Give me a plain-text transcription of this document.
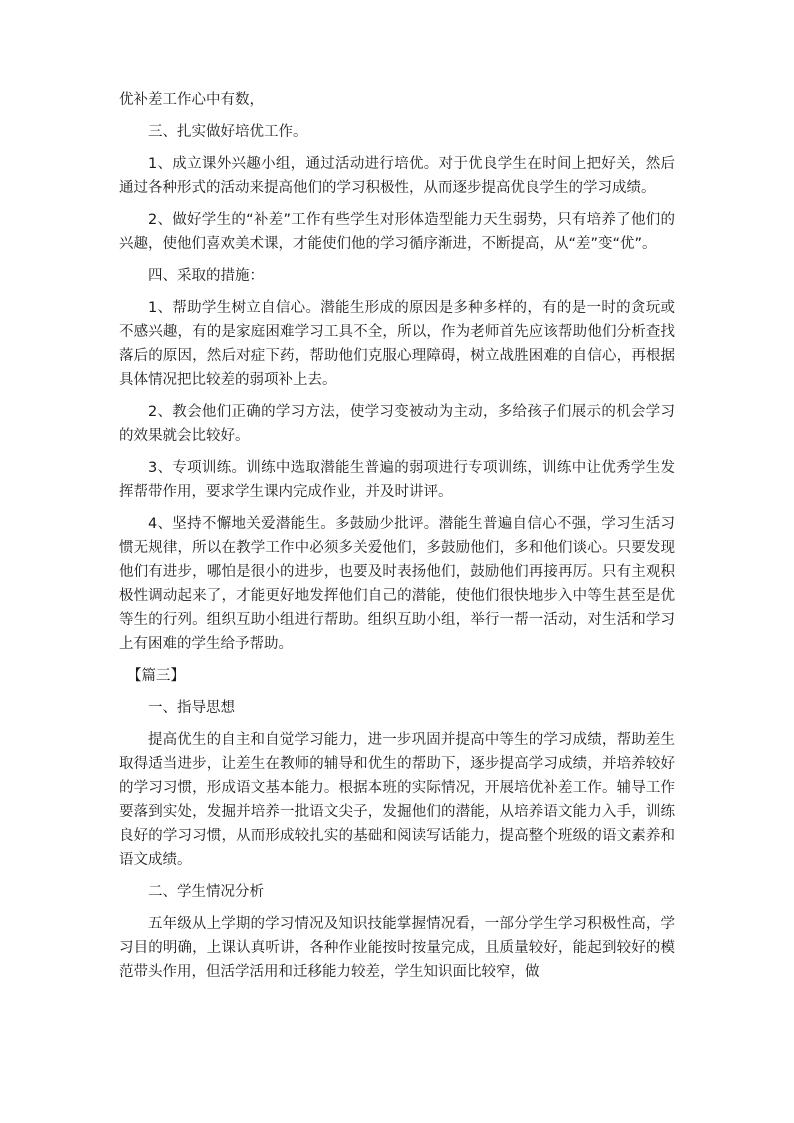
优补差工作心中有数，

三、扎实做好培优工作。

1、成立课外兴趣小组，通过活动进行培优。对于优良学生在时间上把好关，然后通过各种形式的活动来提高他们的学习积极性，从而逐步提高优良学生的学习成绩。

2、做好学生的“补差”工作有些学生对形体造型能力天生弱势，只有培养了他们的兴趣，使他们喜欢美术课，才能使们他的学习循序渐进，不断提高，从“差”变“优”。

四、采取的措施：

1、帮助学生树立自信心。潜能生形成的原因是多种多样的，有的是一时的贪玩或不感兴趣，有的是家庭困难学习工具不全，所以，作为老师首先应该帮助他们分析查找落后的原因，然后对症下药，帮助他们克服心理障碍，树立战胜困难的自信心，再根据具体情况把比较差的弱项补上去。

2、教会他们正确的学习方法，使学习变被动为主动，多给孩子们展示的机会学习的效果就会比较好。

3、专项训练。训练中选取潜能生普遍的弱项进行专项训练，训练中让优秀学生发挥帮带作用，要求学生课内完成作业，并及时讲评。

4、坚持不懈地关爱潜能生。多鼓励少批评。潜能生普遍自信心不强，学习生活习惯无规律，所以在教学工作中必须多关爱他们，多鼓励他们，多和他们谈心。只要发现他们有进步，哪怕是很小的进步，也要及时表扬他们，鼓励他们再接再厉。只有主观积极性调动起来了，才能更好地发挥他们自己的潜能，使他们很快地步入中等生甚至是优等生的行列。组织互助小组进行帮助。组织互助小组，举行一帮一活动，对生活和学习上有困难的学生给予帮助。

【篇三】

一、指导思想

提高优生的自主和自觉学习能力，进一步巩固并提高中等生的学习成绩，帮助差生取得适当进步，让差生在教师的辅导和优生的帮助下，逐步提高学习成绩，并培养较好的学习习惯，形成语文基本能力。根据本班的实际情况，开展培优补差工作。辅导工作要落到实处，发掘并培养一批语文尖子，发掘他们的潜能，从培养语文能力入手，训练良好的学习习惯，从而形成较扎实的基础和阅读写话能力，提高整个班级的语文素养和语文成绩。

二、学生情况分析

五年级从上学期的学习情况及知识技能掌握情况看，一部分学生学习积极性高，学习目的明确，上课认真听讲，各种作业能按时按量完成，且质量较好，能起到较好的模范带头作用，但活学活用和迁移能力较差，学生知识面比较窄，做
